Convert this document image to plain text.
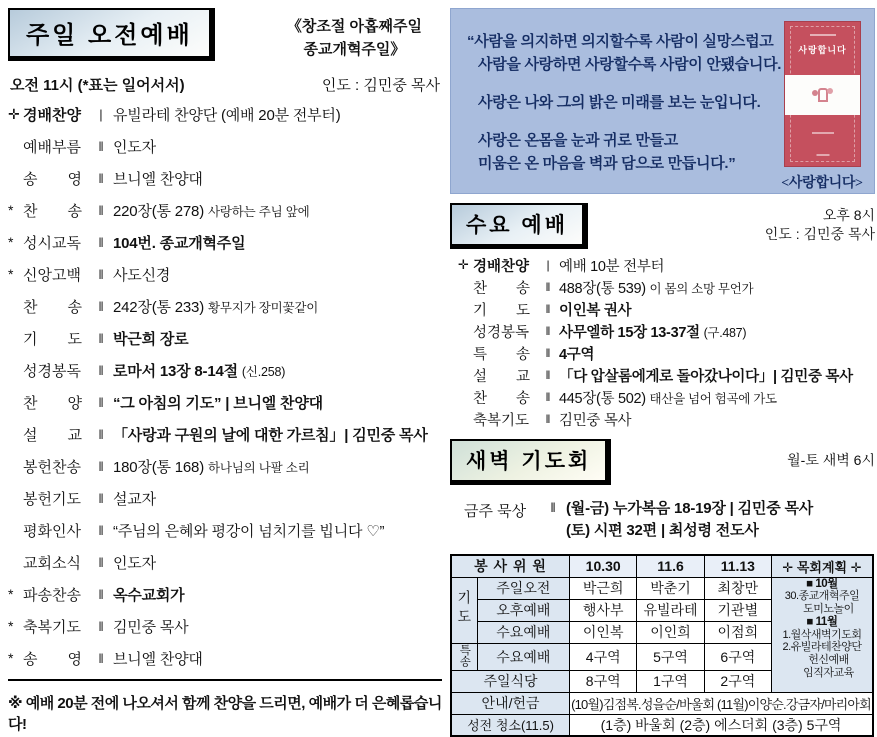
주일 오전예배	《창조절 아홉째주일
종교개혁주일》
오전 11시 (*표는 일어서서)	인도 : 김민중 목사
✛ 경배찬양	| 유빌라테 찬양단 (예배 20분 전부터)
예배부름	‖ 인도자
송　　영	‖ 브니엘 찬양대
* 찬　　송	‖ 220장(통 278) 사랑하는 주님 앞에
* 성시교독	‖ 104번. 종교개혁주일
* 신앙고백	‖ 사도신경
찬　　송	‖ 242장(통 233) 황무지가 장미꽃같이
기　　도	‖ 박근희 장로
성경봉독	‖ 로마서 13장 8-14절 (신.258)
찬　　양	‖ “그 아침의 기도” | 브니엘 찬양대
설　　교	‖ 「사랑과 구원의 날에 대한 가르침」| 김민중 목사
봉헌찬송	‖ 180장(통 168) 하나님의 나팔 소리
봉헌기도	‖ 설교자
평화인사	‖ “주님의 은혜와 평강이 넘치기를 빕니다 ♡”
교회소식	‖ 인도자
* 파송찬송	‖ 옥수교회가
* 축복기도	‖ 김민중 목사
* 송　　영	‖ 브니엘 찬양대
※ 예배 20분 전에 나오셔서 함께 찬양을 드리면, 예배가 더 은혜롭습니다!
“사람을 의지하면 의지할수록 사람이 실망스럽고
사람을 사랑하면 사랑할수록 사람이 안됐습니다.
사랑은 나와 그의 밝은 미래를 보는 눈입니다.
사랑은 온몸을 눈과 귀로 만들고
미움은 온 마음을 벽과 담으로 만듭니다.”
사랑합니다
<사랑합니다>
수요 예배	오후 8시
인도 : 김민중 목사
✛ 경배찬양	| 예배 10분 전부터
찬　　송	‖ 488장(통 539) 이 몸의 소망 무언가
기　　도	‖ 이인복 권사
성경봉독	‖ 사무엘하 15장 13-37절 (구.487)
특　　송	‖ 4구역
설　　교	‖ 「다 압살롬에게로 돌아갔나이다」| 김민중 목사
찬　　송	‖ 445장(통 502) 태산을 넘어 험곡에 가도
축복기도	‖ 김민중 목사
새벽 기도회	월-토 새벽 6시
금주 묵상	‖ (월-금) 누가복음 18-19장 | 김민중 목사
(토) 시편 32편 | 최성령 전도사
봉 사 위 원		10.30	11.6	11.13	✛ 목회계획 ✛
기도	주일오전	박근희	박춘기	최창만	■ 10월
30.종교개혁주일
도미노놀이
■ 11월
1.월삭새벽기도회
2.유빌라테찬양단
헌신예배
임직자교육

	오후예배	행사부	유빌라테	기관별	
	수요예배	이인복	이인희	이점희	
특송	수요예배	4구역	5구역	6구역	
주일식당		8구역	1구역	2구역	
안내/헌금		(10월)김점복.성을순/바울회 (11월)이양순.강금자/마리아회			
성전 청소(11.5)		(1층) 바울회 (2층) 에스더회 (3층) 5구역			
